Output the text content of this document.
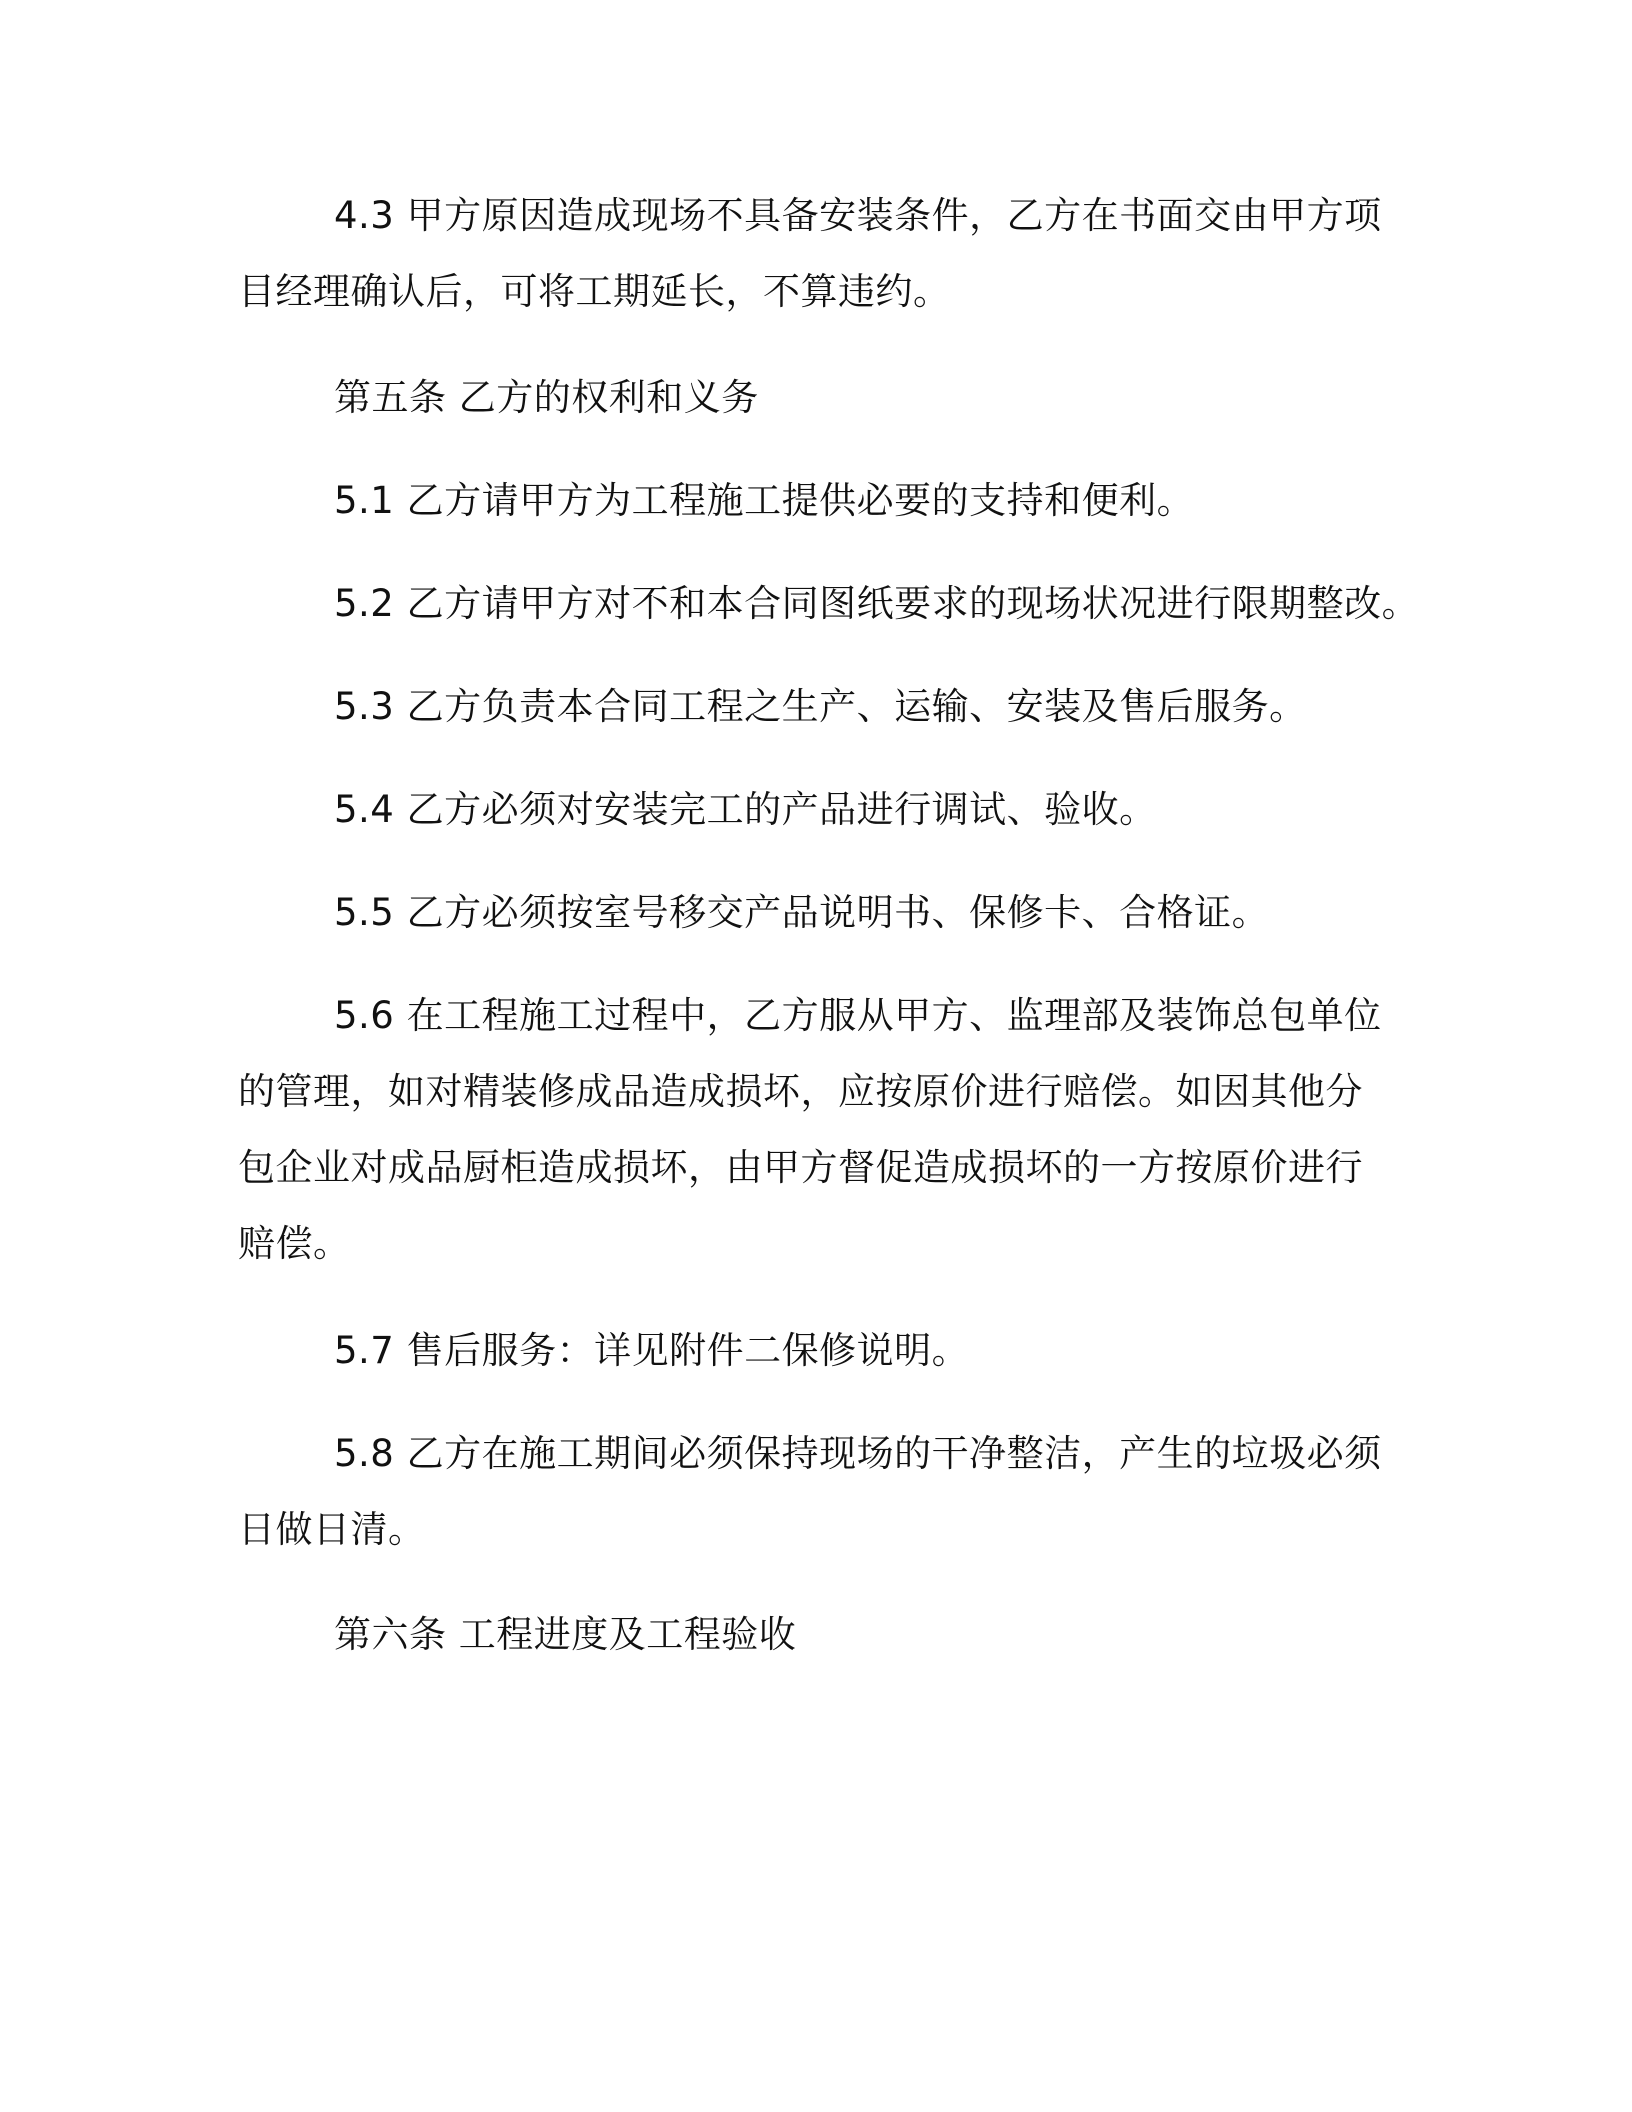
4.3 甲方原因造成现场不具备安装条件，乙方在书面交由甲方项目经理确认后，可将工期延长，不算违约。
第五条 乙方的权利和义务
5.1 乙方请甲方为工程施工提供必要的支持和便利。
5.2 乙方请甲方对不和本合同图纸要求的现场状况进行限期整改。
5.3 乙方负责本合同工程之生产、运输、安装及售后服务。
5.4 乙方必须对安装完工的产品进行调试、验收。
5.5 乙方必须按室号移交产品说明书、保修卡、合格证。
5.6 在工程施工过程中，乙方服从甲方、监理部及装饰总包单位的管理，如对精装修成品造成损坏，应按原价进行赔偿。如因其他分包企业对成品厨柜造成损坏，由甲方督促造成损坏的一方按原价进行赔偿。
5.7 售后服务：详见附件二保修说明。
5.8 乙方在施工期间必须保持现场的干净整洁，产生的垃圾必须日做日清。
第六条 工程进度及工程验收
